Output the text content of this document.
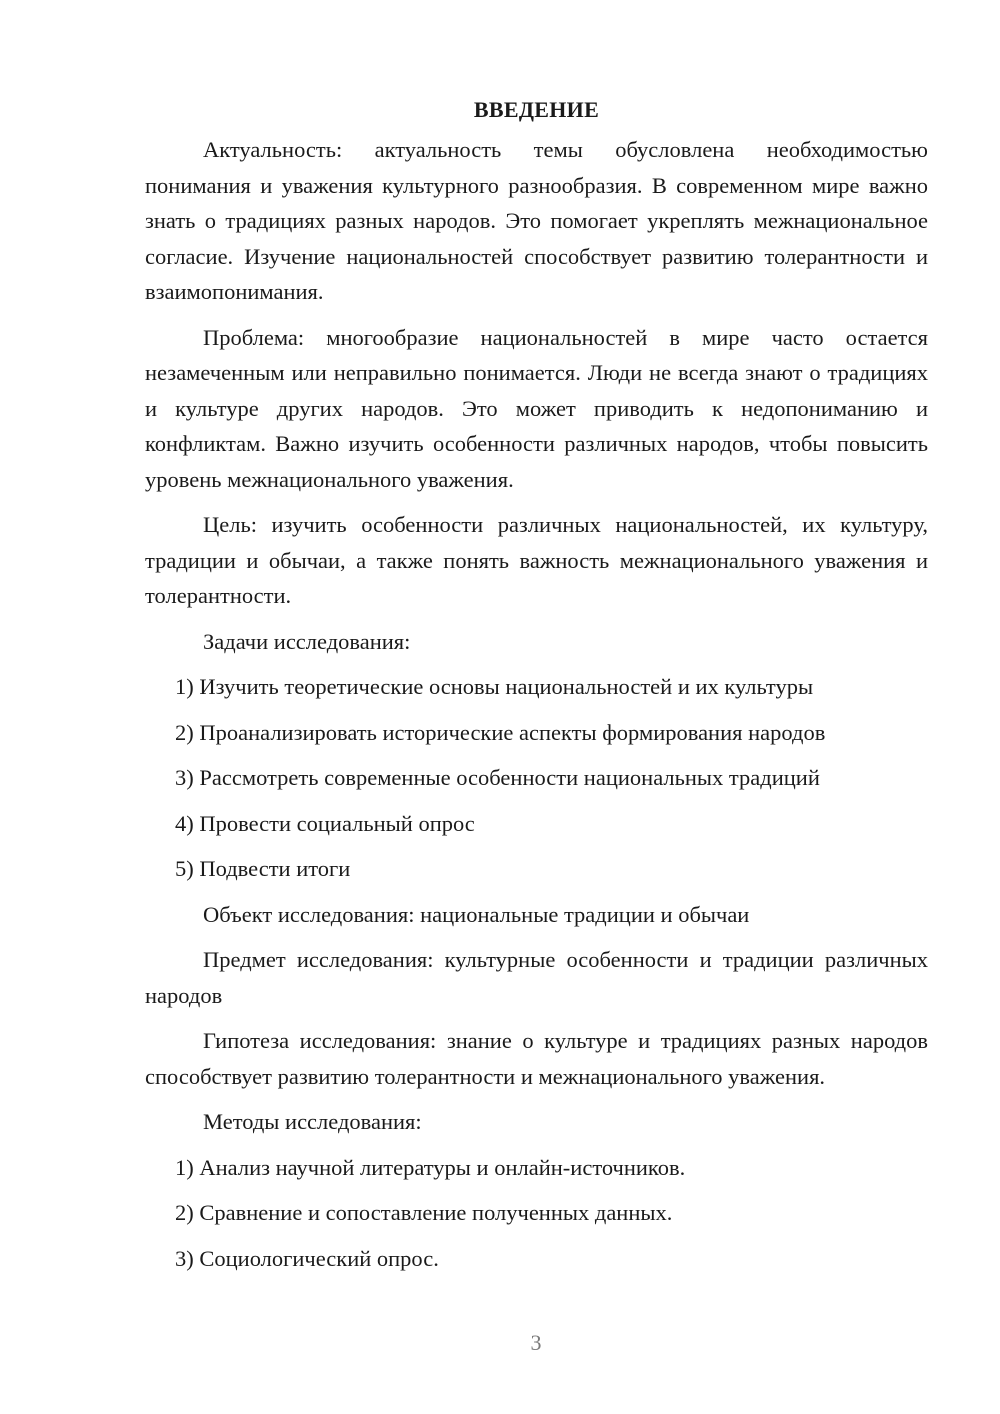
ВВЕДЕНИЕ

Актуальность: актуальность темы обусловлена необходимостью понимания и уважения культурного разнообразия. В современном мире важно знать о традициях разных народов. Это помогает укреплять межнациональное согласие. Изучение национальностей способствует развитию толерантности и взаимопонимания.

Проблема: многообразие национальностей в мире часто остается незамеченным или неправильно понимается. Люди не всегда знают о традициях и культуре других народов. Это может приводить к недопониманию и конфликтам. Важно изучить особенности различных народов, чтобы повысить уровень межнационального уважения.

Цель: изучить особенности различных национальностей, их культуру, традиции и обычаи, а также понять важность межнационального уважения и толерантности.

Задачи исследования:
1) Изучить теоретические основы национальностей и их культуры
2) Проанализировать исторические аспекты формирования народов
3) Рассмотреть современные особенности национальных традиций
4) Провести социальный опрос
5) Подвести итоги
Объект исследования: национальные традиции и обычаи

Предмет исследования: культурные особенности и традиции различных народов

Гипотеза исследования: знание о культуре и традициях разных народов способствует развитию толерантности и межнационального уважения.

Методы исследования:
1) Анализ научной литературы и онлайн-источников.
2) Сравнение и сопоставление полученных данных.
3) Социологический опрос.
3
